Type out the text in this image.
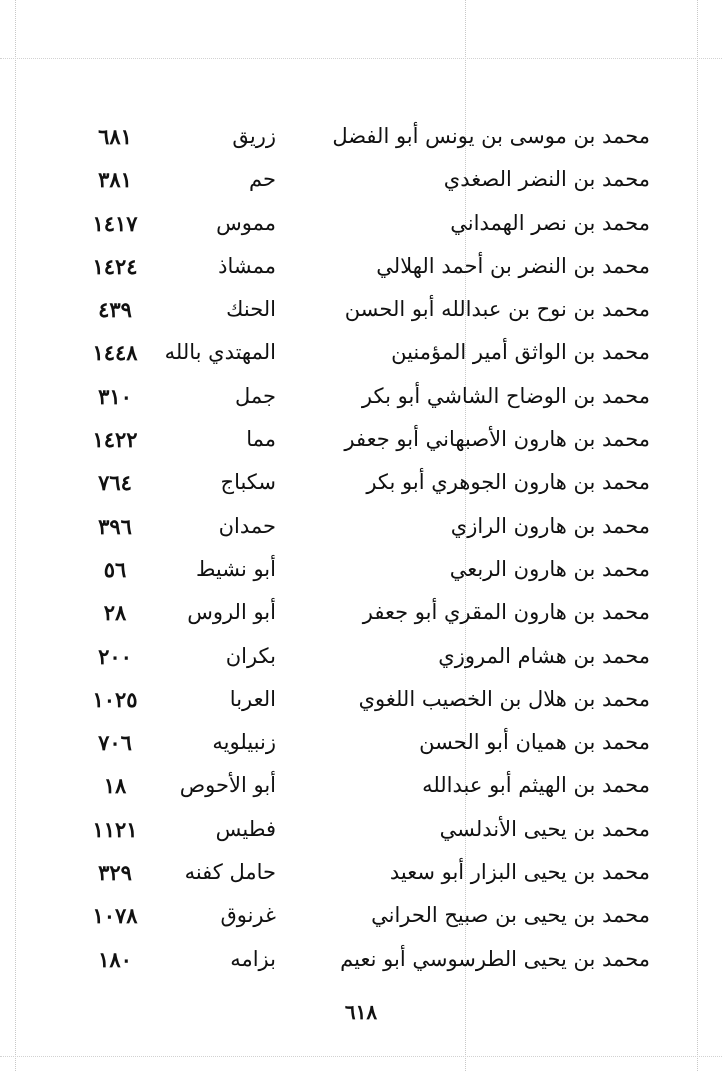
محمد بن موسى بن يونس أبو الفضل
زريق
٦٨١
محمد بن النضر الصغدي
حم
٣٨١
محمد بن نصر الهمداني
مموس
١٤١٧
محمد بن النضر بن أحمد الهلالي
ممشاذ
١٤٢٤
محمد بن نوح بن عبدالله أبو الحسن
الحنك
٤٣٩
محمد بن الواثق أمير المؤمنين
المهتدي بالله
١٤٤٨
محمد بن الوضاح الشاشي أبو بكر
جمل
٣١٠
محمد بن هارون الأصبهاني أبو جعفر
مما
١٤٢٢
محمد بن هارون الجوهري أبو بكر
سكباج
٧٦٤
محمد بن هارون الرازي
حمدان
٣٩٦
محمد بن هارون الربعي
أبو نشيط
٥٦
محمد بن هارون المقري أبو جعفر
أبو الروس
٢٨
محمد بن هشام المروزي
بكران
٢٠٠
محمد بن هلال بن الخصيب اللغوي
العربا
١٠٢٥
محمد بن هميان أبو الحسن
زنبيلويه
٧٠٦
محمد بن الهيثم أبو عبدالله
أبو الأحوص
١٨
محمد بن يحيى الأندلسي
فطيس
١١٢١
محمد بن يحيى البزار أبو سعيد
حامل كفنه
٣٢٩
محمد بن يحيى بن صبيح الحراني
غرنوق
١٠٧٨
محمد بن يحيى الطرسوسي أبو نعيم
بزامه
١٨٠
٦١٨
